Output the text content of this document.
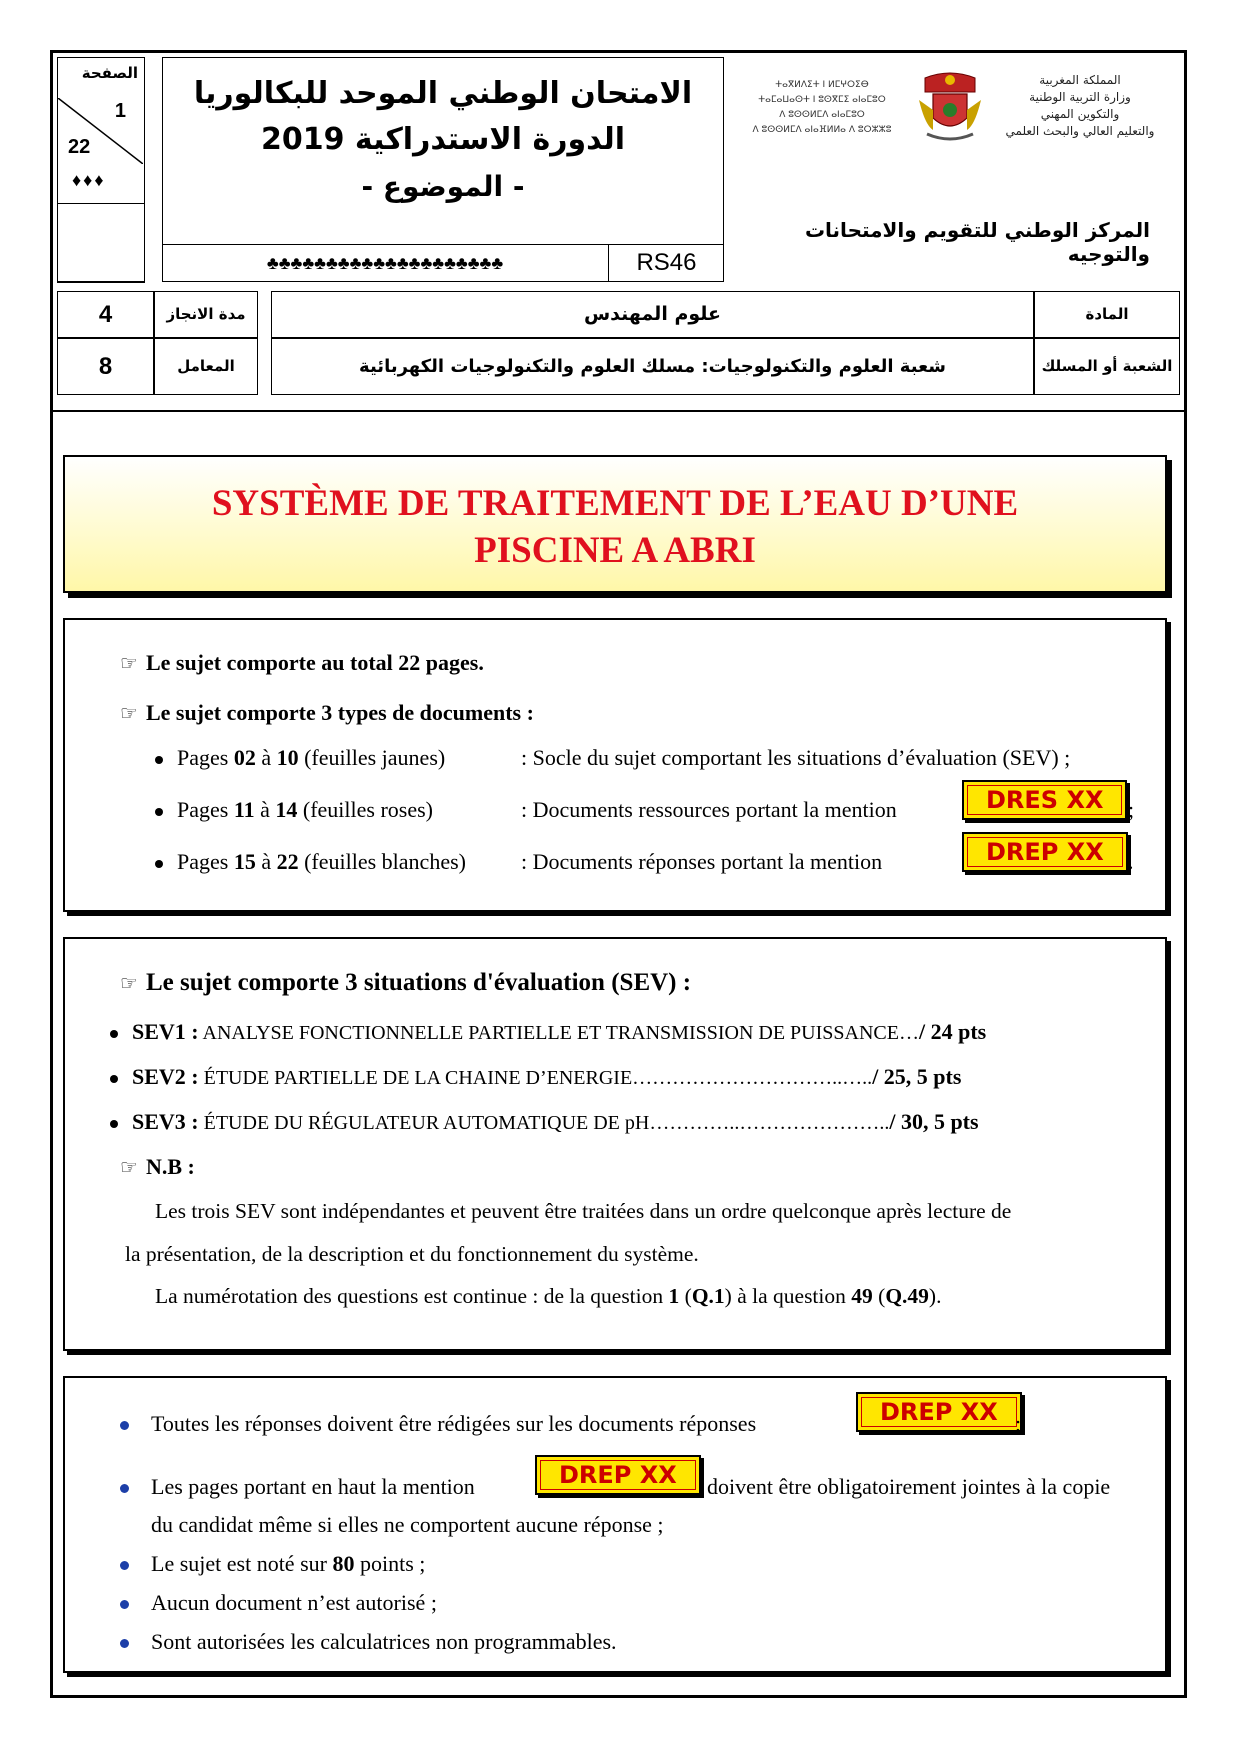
الصفحة
1
22
♦♦♦
الامتحان الوطني الموحد للبكالوريا
الدورة الاستدراكية 2019
- الموضوع -
♣♣♣♣♣♣♣♣♣♣♣♣♣♣♣♣♣♣♣♣	RS46
ⵜⴰⴳⵍⴷⵉⵜ ⵏ ⵍⵎⵖⵔⵉⴱ
ⵜⴰⵎⴰⵡⴰⵙⵜ ⵏ ⵓⵙⴳⵎⵉ ⴰⵏⴰⵎⵓⵔ
ⴷ ⵓⵙⵙⵍⵎⴷ ⴰⵏⴰⵎⵓⵔ
ⴷ ⵓⵙⵙⵍⵎⴷ ⴰⵏⴰⴼⵍⵍⴰ ⴷ ⵓⵔⵣⵣⵓ
المملكة المغربية
وزارة التربية الوطنية
والتكوين المهني
والتعليم العالي والبحث العلمي
المركز الوطني للتقويم والامتحانات والتوجيه
4	مدة الانجاز	علوم المهندس	المادة
8	المعامل	شعبة العلوم والتكنولوجيات: مسلك العلوم والتكنولوجيات الكهربائية	الشعبة أو المسلك
SYSTÈME DE TRAITEMENT DE L’EAU D’UNE
PISCINE A ABRI
☞ Le sujet comporte au total 22 pages.
☞ Le sujet comporte 3 types de documents :
Pages 02 à 10 (feuilles jaunes)	: Socle du sujet comportant les situations d’évaluation (SEV) ;
Pages 11 à 14 (feuilles roses)	: Documents ressources portant la mention	DRES XX	;
Pages 15 à 22 (feuilles blanches)	: Documents réponses portant la mention	DREP XX	.
☞ Le sujet comporte 3 situations d'évaluation (SEV) :
SEV1 : ANALYSE FONCTIONNELLE PARTIELLE ET TRANSMISSION DE PUISSANCE…/ 24 pts
SEV2 : ÉTUDE PARTIELLE DE LA CHAINE D’ENERGIE…………………………..…../ 25, 5 pts
SEV3 : ÉTUDE DU RÉGULATEUR AUTOMATIQUE DE pH…………..…………………../ 30, 5 pts
☞ N.B :
Les trois SEV sont indépendantes et peuvent être traitées dans un ordre quelconque après lecture de
la présentation, de la description et du fonctionnement du système.
La numérotation des questions est continue : de la question 1 (Q.1) à la question 49 (Q.49).
Toutes les réponses doivent être rédigées sur les documents réponses	DREP XX ;
Les pages portant en haut la mention	DREP XX	doivent être obligatoirement jointes à la copie
du candidat même si elles ne comportent aucune réponse ;
Le sujet est noté sur 80 points ;
Aucun document n’est autorisé ;
Sont autorisées les calculatrices non programmables.
